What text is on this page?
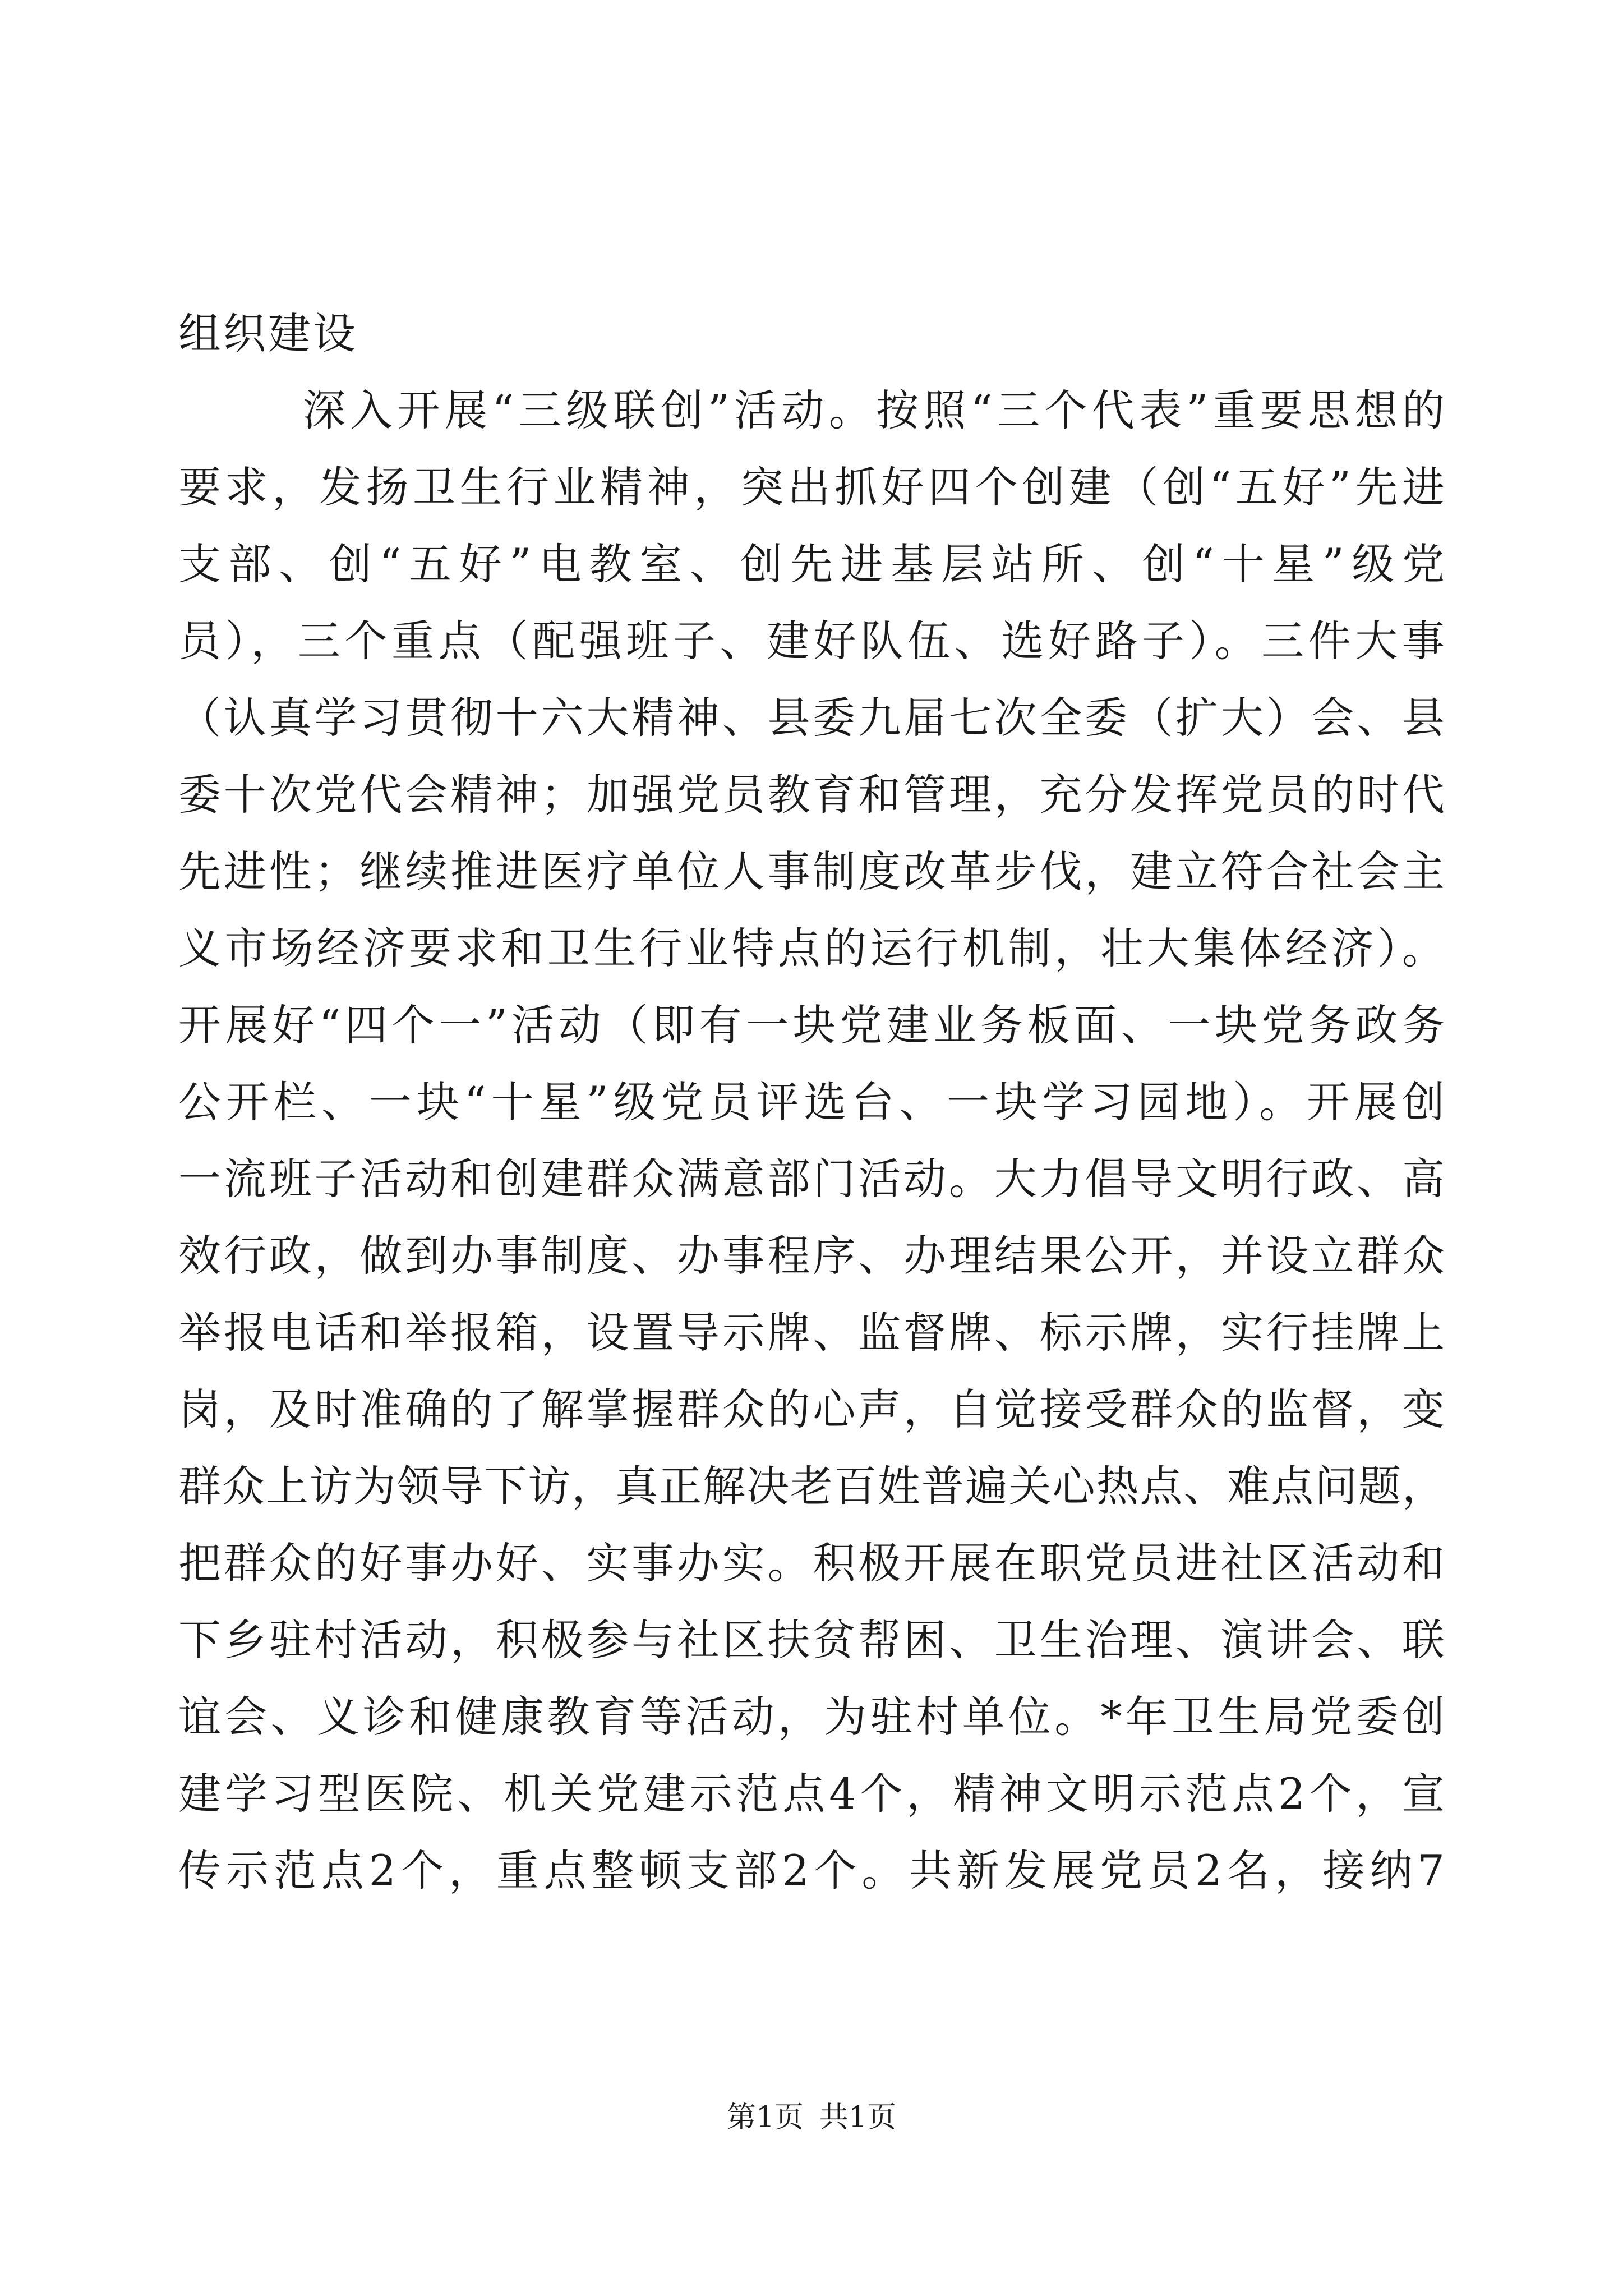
组织建设
深入开展“三级联创”活动。按照“三个代表”重要思想的
要求，发扬卫生行业精神，突出抓好四个创建（创“五好”先进
支部、创“五好”电教室、创先进基层站所、创“十星”级党
员），三个重点（配强班子、建好队伍、选好路子）。三件大事
（认真学习贯彻十六大精神、县委九届七次全委（扩大）会、县
委十次党代会精神；加强党员教育和管理，充分发挥党员的时代
先进性；继续推进医疗单位人事制度改革步伐，建立符合社会主
义市场经济要求和卫生行业特点的运行机制，壮大集体经济）。
开展好“四个一”活动（即有一块党建业务板面、一块党务政务
公开栏、一块“十星”级党员评选台、一块学习园地）。开展创
一流班子活动和创建群众满意部门活动。大力倡导文明行政、高
效行政，做到办事制度、办事程序、办理结果公开，并设立群众
举报电话和举报箱，设置导示牌、监督牌、标示牌，实行挂牌上
岗，及时准确的了解掌握群众的心声，自觉接受群众的监督，变
群众上访为领导下访，真正解决老百姓普遍关心热点、难点问题，
把群众的好事办好、实事办实。积极开展在职党员进社区活动和
下乡驻村活动，积极参与社区扶贫帮困、卫生治理、演讲会、联
谊会、义诊和健康教育等活动，为驻村单位。*年卫生局党委创
建学习型医院、机关党建示范点4个，精神文明示范点2个，宣
传示范点2个，重点整顿支部2个。共新发展党员2名，接纳7
第1页 共1页
